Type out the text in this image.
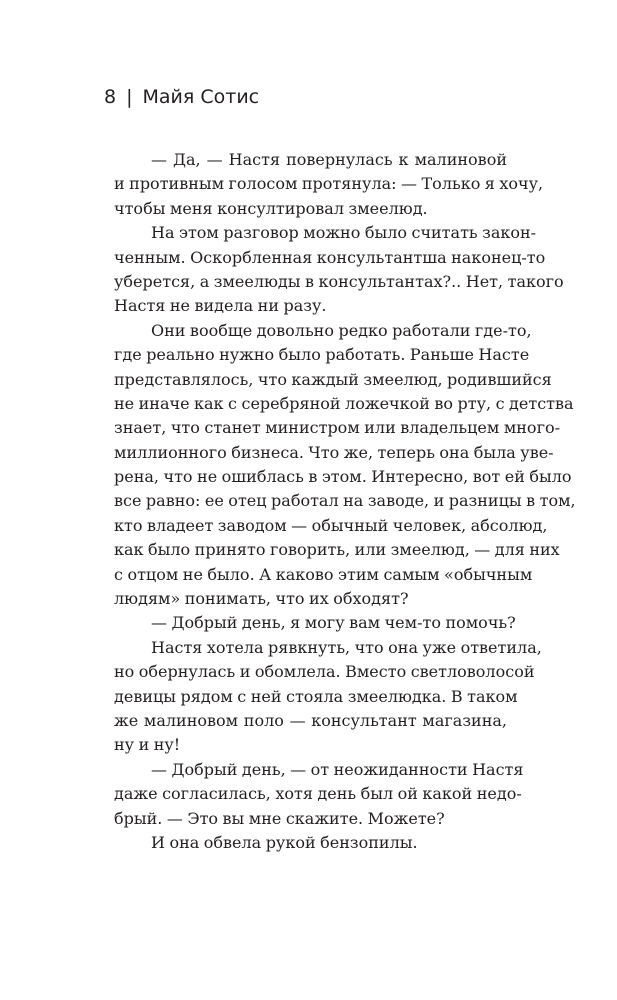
8 | Майя Сотис

— Да, — Настя повернулась к малиновой
и противным голосом протянула: — Только я хочу,
чтобы меня консултировал змеелюд.

На этом разговор можно было считать закон-
ченным. Оскорбленная консультантша наконец-то
уберется, а змеелюды в консультантах?.. Нет, такого
Настя не видела ни разу.

Они вообще довольно редко работали где-то,
где реально нужно было работать. Раньше Насте
представлялось, что каждый змеелюд, родившийся
не иначе как с серебряной ложечкой во рту, с детства
знает, что станет министром или владельцем много-
миллионного бизнеса. Что же, теперь она была уве-
рена, что не ошиблась в этом. Интересно, вот ей было
все равно: ее отец работал на заводе, и разницы в том,
кто владеет заводом — обычный человек, абсолюд,
как было принято говорить, или змеелюд, — для них
с отцом не было. А каково этим самым «обычным
людям» понимать, что их обходят?

— Добрый день, я могу вам чем-то помочь?

Настя хотела рявкнуть, что она уже ответила,
но обернулась и обомлела. Вместо светловолосой
девицы рядом с ней стояла змеелюдка. В таком
же малиновом поло — консультант магазина,
ну и ну!

— Добрый день, — от неожиданности Настя
даже согласилась, хотя день был ой какой недо-
брый. — Это вы мне скажите. Можете?

И она обвела рукой бензопилы.
